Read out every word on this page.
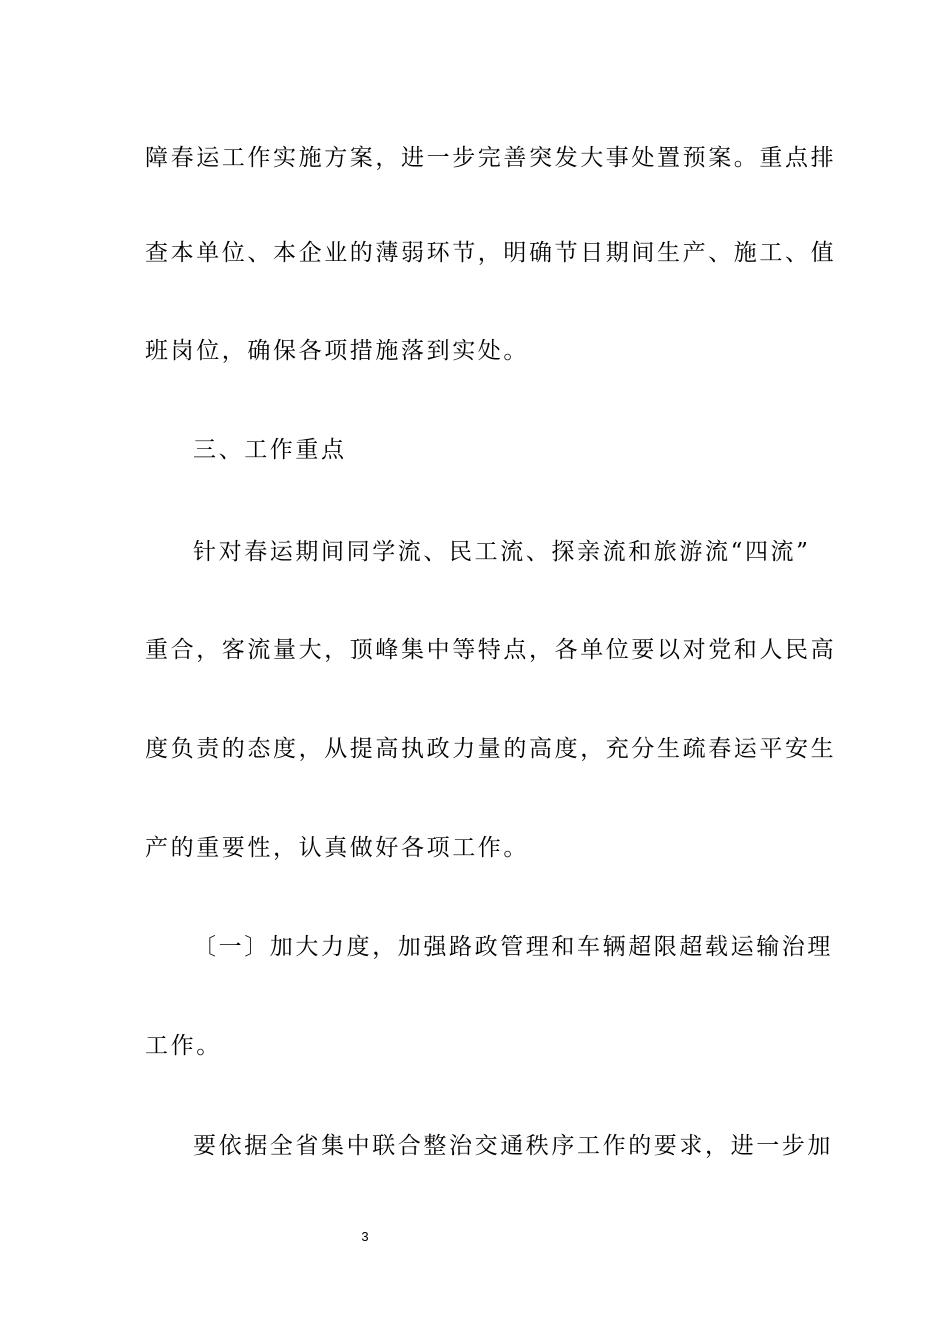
障春运工作实施方案，进一步完善突发大事处置预案。重点排
查本单位、本企业的薄弱环节，明确节日期间生产、施工、值
班岗位，确保各项措施落到实处。
三、工作重点
针对春运期间同学流、民工流、探亲流和旅游流“四流”
重合，客流量大，顶峰集中等特点，各单位要以对党和人民高
度负责的态度，从提高执政力量的高度，充分生疏春运平安生
产的重要性，认真做好各项工作。
〔一〕加大力度，加强路政管理和车辆超限超载运输治理
工作。
要依据全省集中联合整治交通秩序工作的要求，进一步加
3
